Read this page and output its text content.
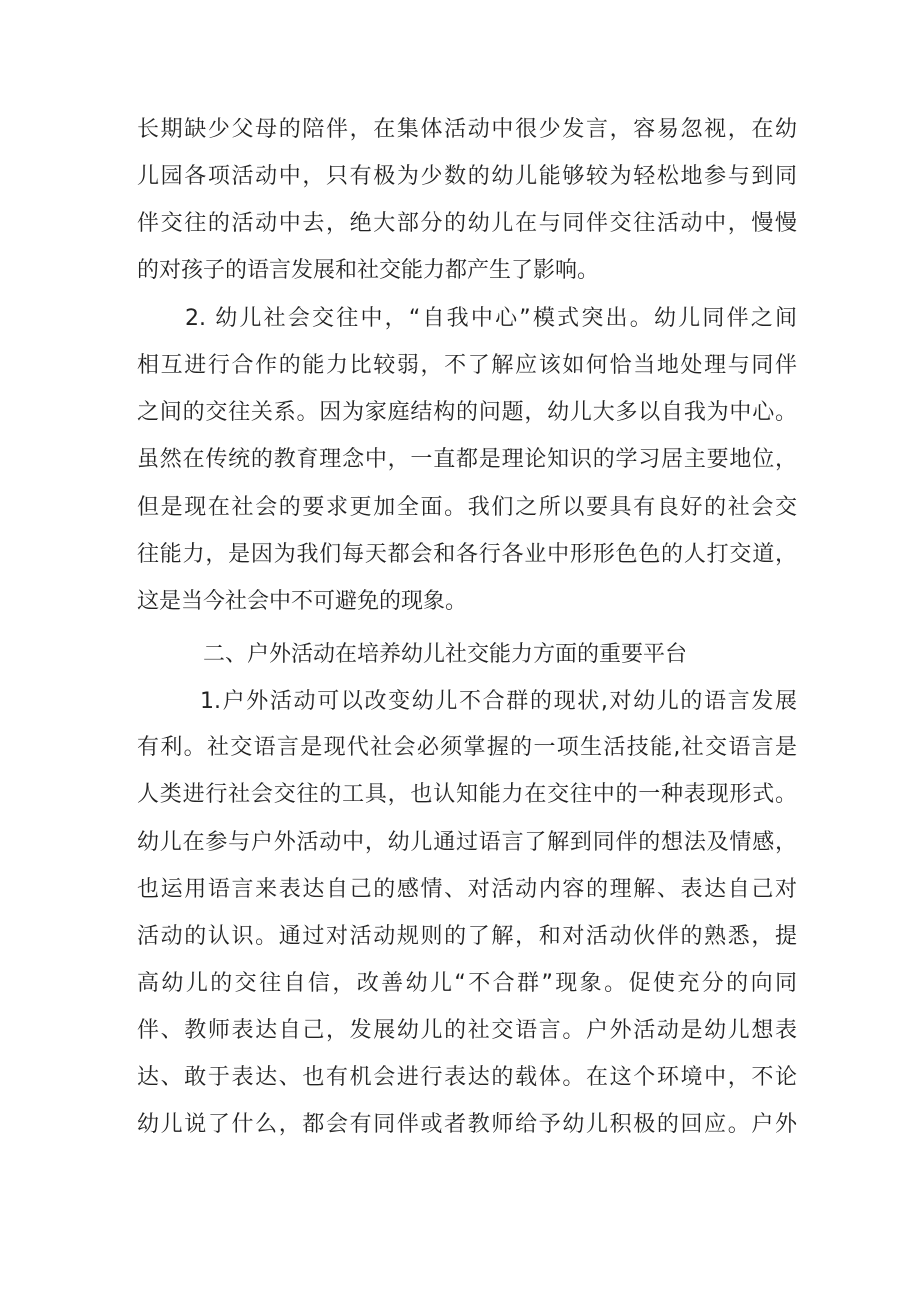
长期缺少父母的陪伴，在集体活动中很少发言，容易忽视，在幼

儿园各项活动中，只有极为少数的幼儿能够较为轻松地参与到同

伴交往的活动中去，绝大部分的幼儿在与同伴交往活动中，慢慢

的对孩子的语言发展和社交能力都产生了影响。

2. 幼儿社会交往中，“自我中心”模式突出。幼儿同伴之间

相互进行合作的能力比较弱，不了解应该如何恰当地处理与同伴

之间的交往关系。因为家庭结构的问题，幼儿大多以自我为中心。

虽然在传统的教育理念中，一直都是理论知识的学习居主要地位，

但是现在社会的要求更加全面。我们之所以要具有良好的社会交

往能力，是因为我们每天都会和各行各业中形形色色的人打交道，

这是当今社会中不可避免的现象。

二、户外活动在培养幼儿社交能力方面的重要平台

1.户外活动可以改变幼儿不合群的现状,对幼儿的语言发展

有利。社交语言是现代社会必须掌握的一项生活技能,社交语言是

人类进行社会交往的工具，也认知能力在交往中的一种表现形式。

幼儿在参与户外活动中，幼儿通过语言了解到同伴的想法及情感，

也运用语言来表达自己的感情、对活动内容的理解、表达自己对

活动的认识。通过对活动规则的了解，和对活动伙伴的熟悉，提

高幼儿的交往自信，改善幼儿“不合群”现象。促使充分的向同

伴、教师表达自己，发展幼儿的社交语言。户外活动是幼儿想表

达、敢于表达、也有机会进行表达的载体。在这个环境中，不论

幼儿说了什么，都会有同伴或者教师给予幼儿积极的回应。户外
